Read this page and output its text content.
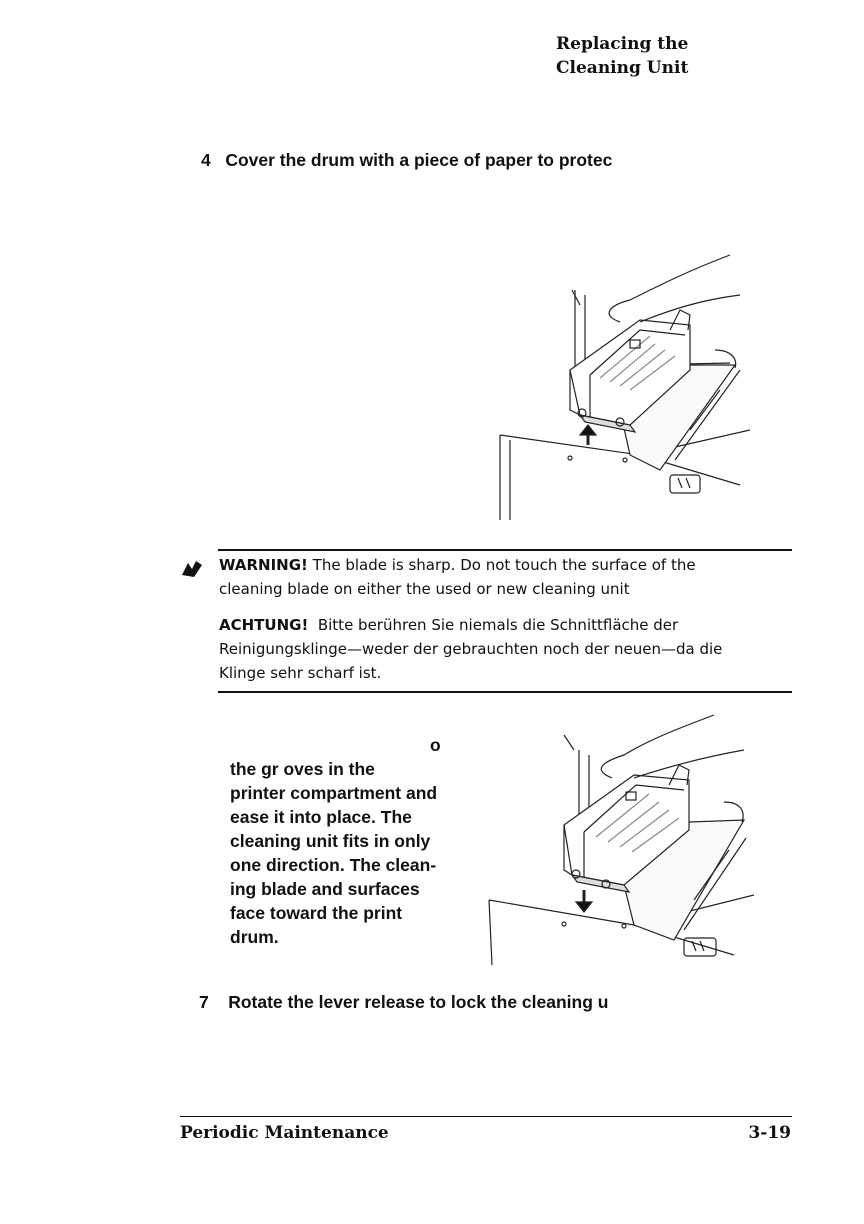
Replacing the
Cleaning Unit
4 Cover the drum with a piece of paper to protec
WARNING! The blade is sharp. Do not touch the surface of the
cleaning blade on either the used or new cleaning unit
ACHTUNG! Bitte berühren Sie niemals die Schnittfläche der
Reinigungsklinge—weder der gebrauchten noch der neuen—da die
Klinge sehr scharf ist.
o
the gr oves in the
printer compartment and
ease it into place. The
cleaning unit fits in only
one direction. The clean-
ing blade and surfaces
face toward the print
drum.
7 Rotate the lever release to lock the cleaning u
Periodic Maintenance	3-19
